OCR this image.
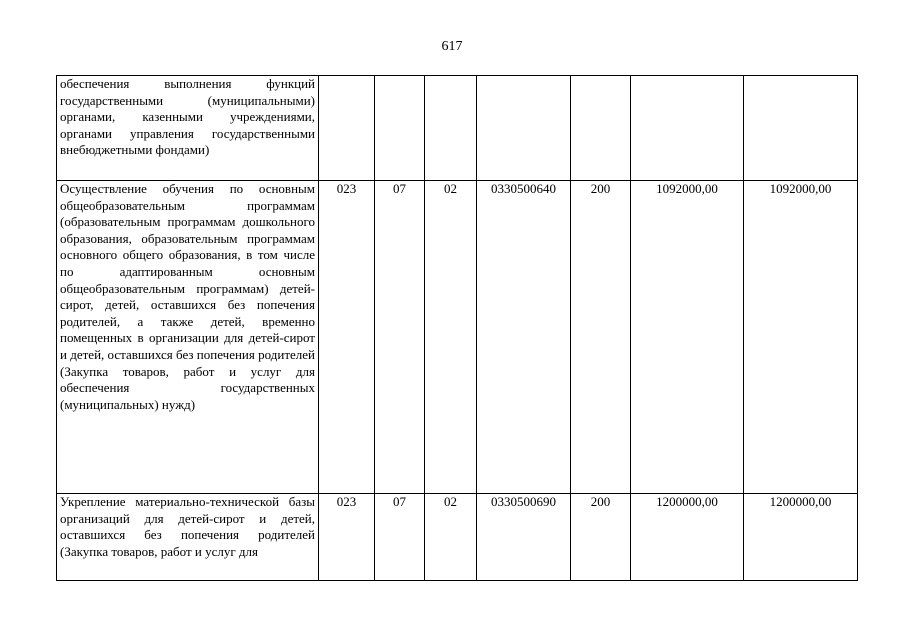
617
обеспечения выполнения функций государственными (муниципальными) органами, казенными учреждениями, органами управления государственными внебюджетными фондами)							
Осуществление обучения по основным общеобразовательным программам (образовательным программам дошкольного образования, образовательным программам основного общего образования, в том числе по адаптированным основным общеобразовательным программам) детей-сирот, детей, оставшихся без попечения родителей, а также детей, временно помещенных в организации для детей-сирот и детей, оставшихся без попечения родителей (Закупка товаров, работ и услуг для обеспечения государственных (муниципальных) нужд)	023	07	02	0330500640	200	1092000,00	1092000,00
Укрепление материально-технической базы организаций для детей-сирот и детей, оставшихся без попечения родителей (Закупка товаров, работ и услуг для	023	07	02	0330500690	200	1200000,00	1200000,00
